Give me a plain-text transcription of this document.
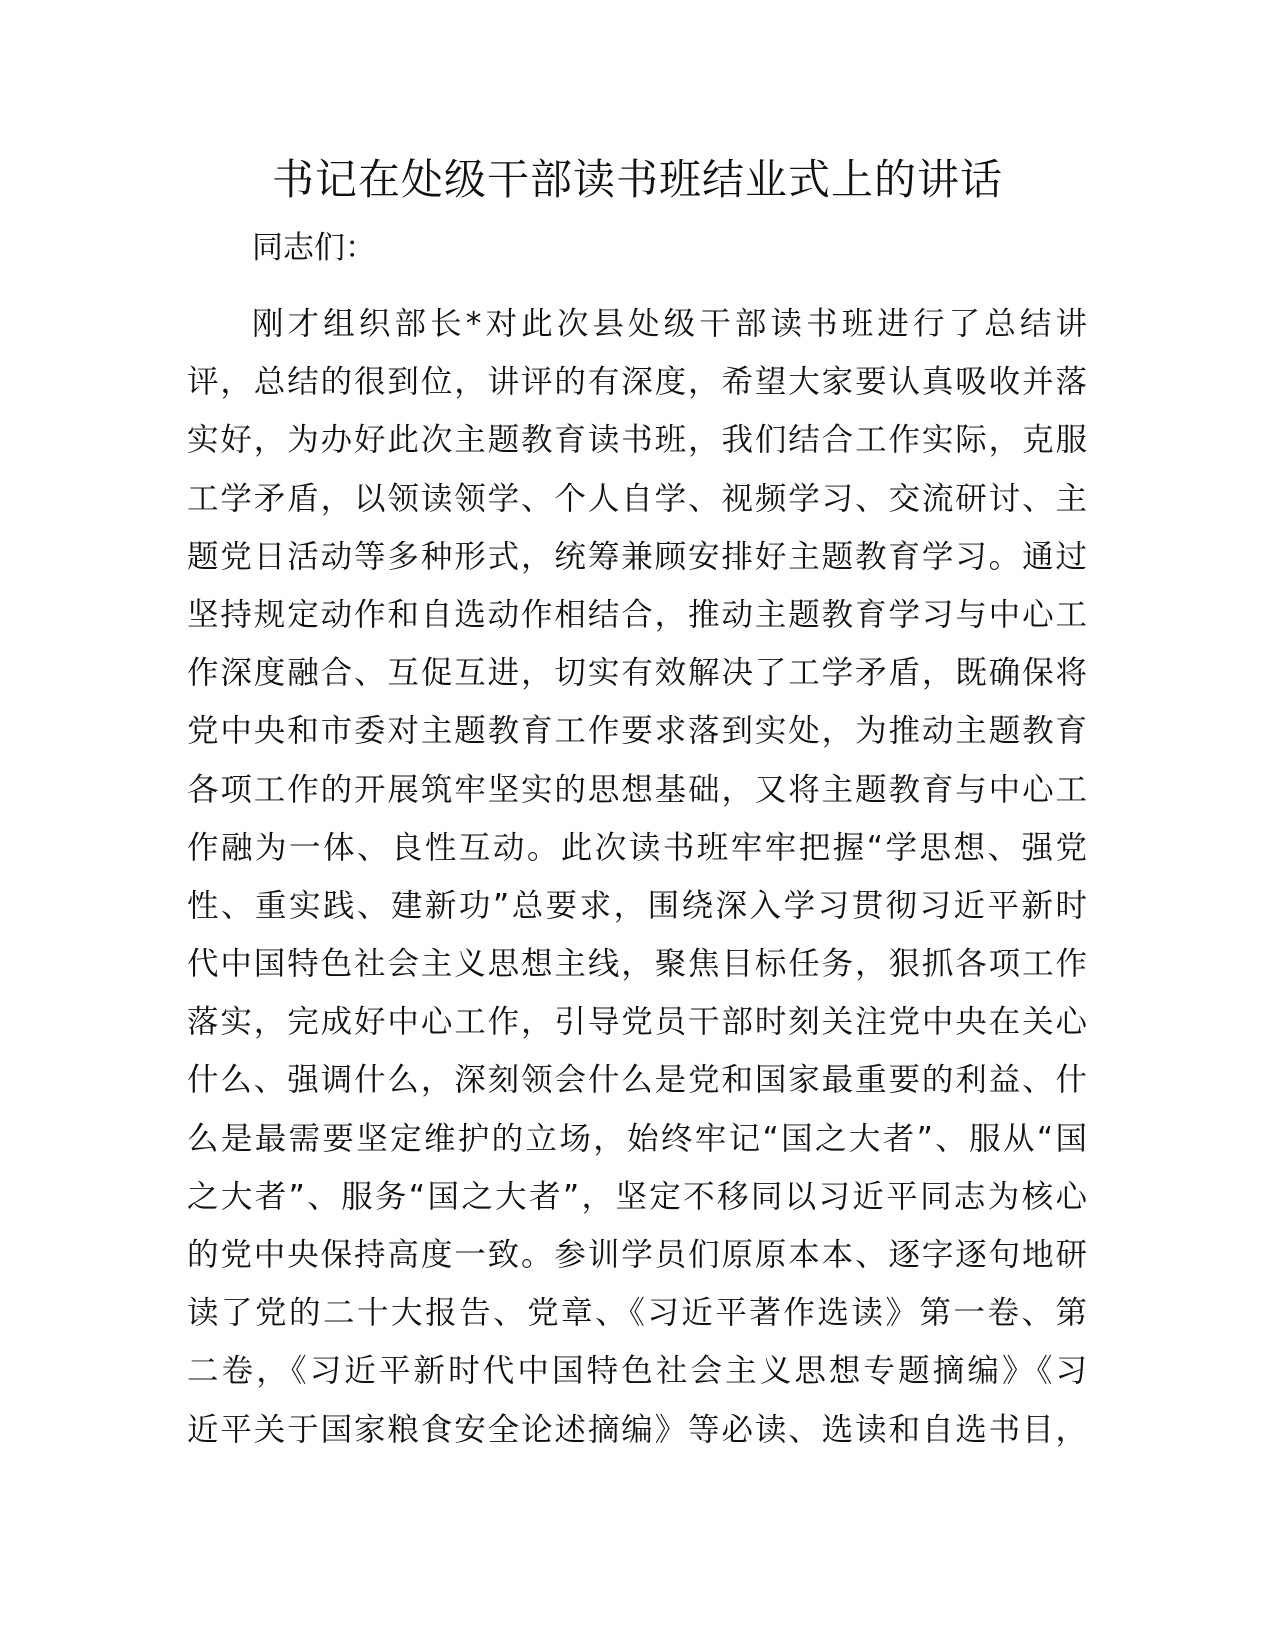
书记在处级干部读书班结业式上的讲话

同志们：

刚才组织部长*对此次县处级干部读书班进行了总结讲
评，总结的很到位，讲评的有深度，希望大家要认真吸收并落
实好，为办好此次主题教育读书班，我们结合工作实际，克服
工学矛盾，以领读领学、个人自学、视频学习、交流研讨、主
题党日活动等多种形式，统筹兼顾安排好主题教育学习。通过
坚持规定动作和自选动作相结合，推动主题教育学习与中心工
作深度融合、互促互进，切实有效解决了工学矛盾，既确保将
党中央和市委对主题教育工作要求落到实处，为推动主题教育
各项工作的开展筑牢坚实的思想基础，又将主题教育与中心工
作融为一体、良性互动。此次读书班牢牢把握“学思想、强党
性、重实践、建新功”总要求，围绕深入学习贯彻习近平新时
代中国特色社会主义思想主线，聚焦目标任务，狠抓各项工作
落实，完成好中心工作，引导党员干部时刻关注党中央在关心
什么、强调什么，深刻领会什么是党和国家最重要的利益、什
么是最需要坚定维护的立场，始终牢记“国之大者”、服从“国
之大者”、服务“国之大者”，坚定不移同以习近平同志为核心
的党中央保持高度一致。参训学员们原原本本、逐字逐句地研
读了党的二十大报告、党章、《习近平著作选读》第一卷、第
二卷，《习近平新时代中国特色社会主义思想专题摘编》《习
近平关于国家粮食安全论述摘编》等必读、选读和自选书目，
